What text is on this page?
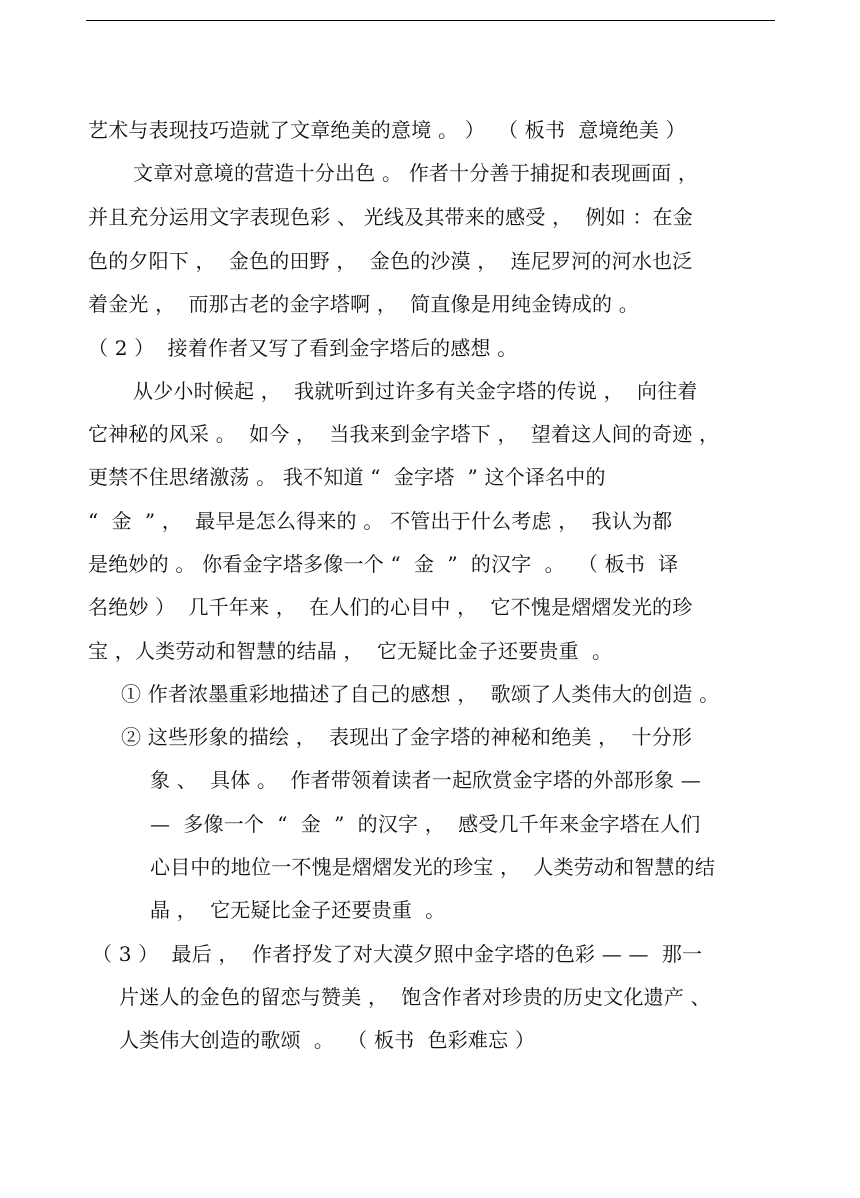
艺术与表现技巧造就了文章绝美的意境 。 ）  （ 板书  意境绝美 ）
文章对意境的营造十分出色 。 作者十分善于捕捉和表现画面 ，
并且充分运用文字表现色彩 、 光线及其带来的感受 ，  例如 ：在金
色的夕阳下 ，  金色的田野 ，  金色的沙漠 ，  连尼罗河的河水也泛
着金光 ，  而那古老的金字塔啊 ，  简直像是用纯金铸成的 。
（ 2 ）  接着作者又写了看到金字塔后的感想 。
从少小时候起 ，  我就听到过许多有关金字塔的传说 ，  向往着
它神秘的风采 。  如今 ，  当我来到金字塔下 ，  望着这人间的奇迹 ，
更禁不住思绪激荡 。 我不知道 “  金字塔  ” 这个译名中的
“  金  ” ，  最早是怎么得来的 。 不管出于什么考虑 ，  我认为都
是绝妙的 。 你看金字塔多像一个 “  金  ”  的汉字  。  （ 板书  译
名绝妙 ）  几千年来 ，  在人们的心目中 ，  它不愧是熠熠发光的珍
宝 ，人类劳动和智慧的结晶 ，  它无疑比金子还要贵重  。
① 作者浓墨重彩地描述了自己的感想 ，  歌颂了人类伟大的创造 。
② 这些形象的描绘 ，  表现出了金字塔的神秘和绝美 ，  十分形
象 、  具体 。  作者带领着读者一起欣赏金字塔的外部形象 —
—  多像一个  “  金  ”  的汉字 ，  感受几千年来金字塔在人们
心目中的地位一不愧是熠熠发光的珍宝 ，  人类劳动和智慧的结
晶 ，  它无疑比金子还要贵重  。
（ 3 ）  最后 ，  作者抒发了对大漠夕照中金字塔的色彩 — —  那一
片迷人的金色的留恋与赞美 ，  饱含作者对珍贵的历史文化遗产 、
人类伟大创造的歌颂  。  （ 板书  色彩难忘 ）
